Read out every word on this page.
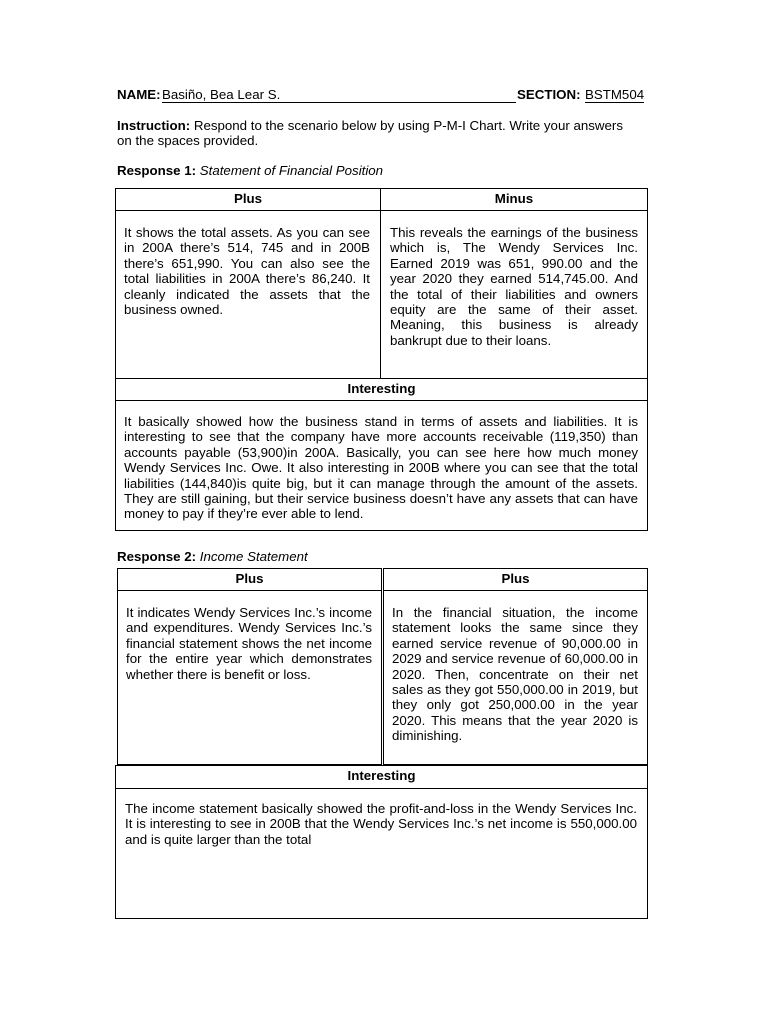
NAME: Basiño, Bea Lear S.	SECTION: BSTM504
Instruction: Respond to the scenario below by using P-M-I Chart. Write your answers on the spaces provided.
Response 1: Statement of Financial Position
Plus	Minus
It shows the total assets. As you can see in 200A there’s 514, 745 and in 200B there’s 651,990. You can also see the total liabilities in 200A there’s 86,240. It cleanly indicated the assets that the business owned.
This reveals the earnings of the business which is, The Wendy Services Inc. Earned 2019 was 651, 990.00 and the year 2020 they earned 514,745.00. And the total of their liabilities and owners equity are the same of their asset. Meaning, this business is already bankrupt due to their loans.
Interesting
It basically showed how the business stand in terms of assets and liabilities. It is interesting to see that the company have more accounts receivable (119,350) than accounts payable (53,900)in 200A. Basically, you can see here how much money Wendy Services Inc. Owe. It also interesting in 200B where you can see that the total liabilities (144,840)is quite big, but it can manage through the amount of the assets. They are still gaining, but their service business doesn’t have any assets that can have money to pay if they’re ever able to lend.
Response 2: Income Statement
Plus	Plus
It indicates Wendy Services Inc.’s income and expenditures. Wendy Services Inc.’s financial statement shows the net income for the entire year which demonstrates whether there is benefit or loss.
In the financial situation, the income statement looks the same since they earned service revenue of 90,000.00 in 2029 and service revenue of 60,000.00 in 2020. Then, concentrate on their net sales as they got 550,000.00 in 2019, but they only got 250,000.00 in the year 2020. This means that the year 2020 is diminishing.
Interesting
The income statement basically showed the profit-and-loss in the Wendy Services Inc. It is interesting to see in 200B that the Wendy Services Inc.’s net income is 550,000.00 and is quite larger than the total
